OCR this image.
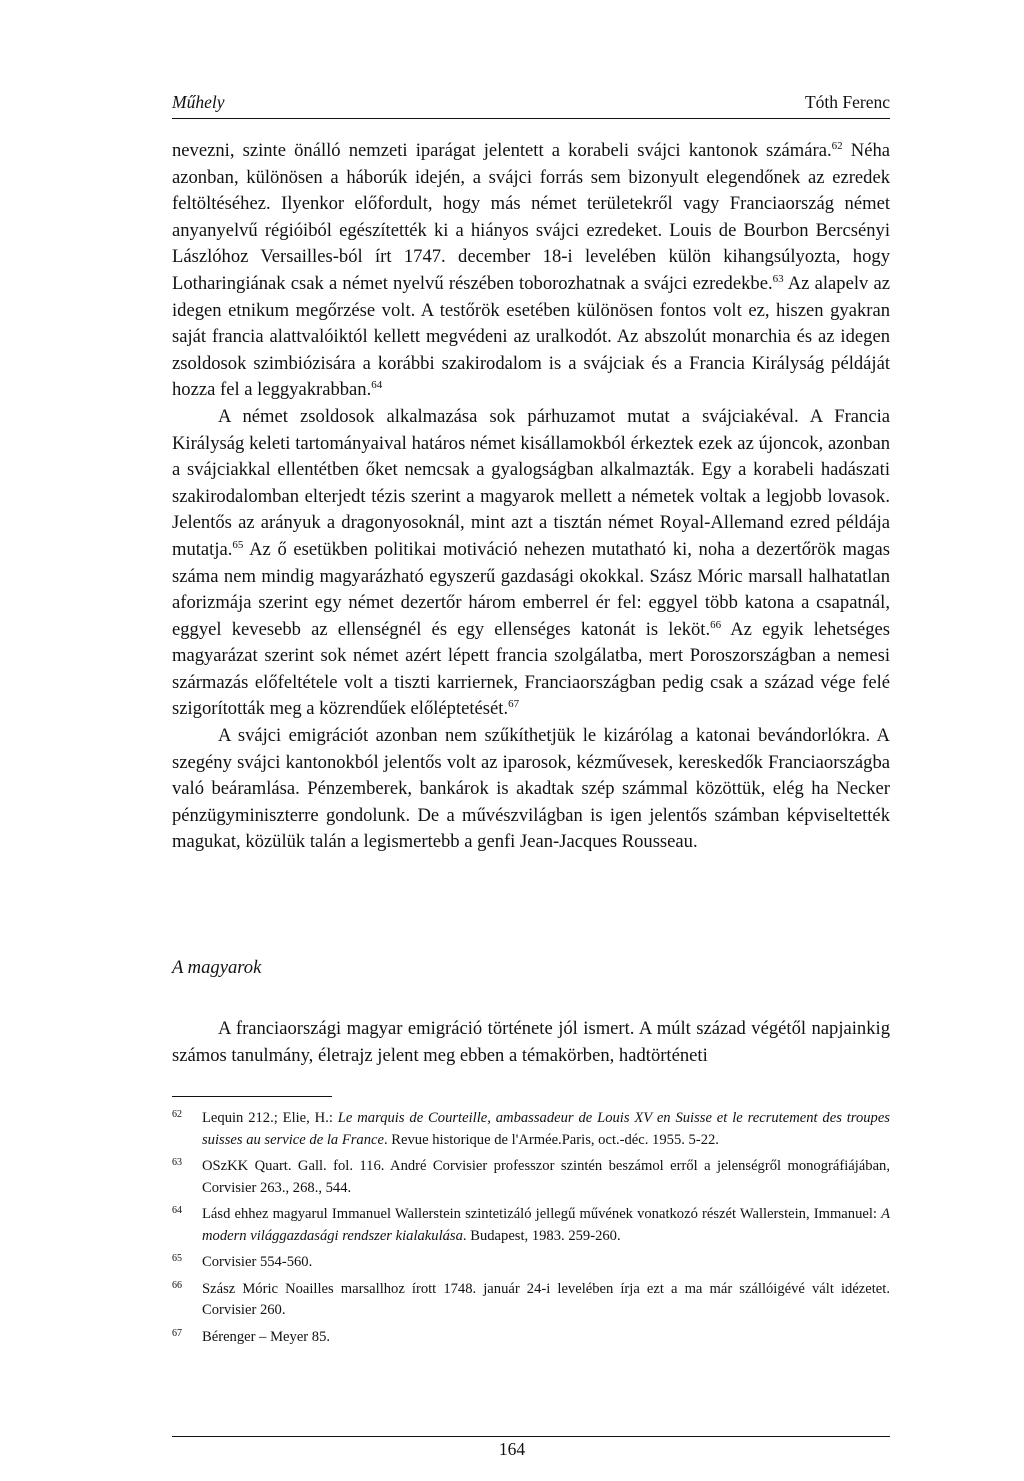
Műhely	Tóth Ferenc

nevezni, szinte önálló nemzeti iparágat jelentett a korabeli svájci kantonok számára.$^{62}$ Néha azonban, különösen a háborúk idején, a svájci forrás sem bizonyult elegendőnek az ezredek feltöltéséhez. Ilyenkor előfordult, hogy más német területekről vagy Franciaország német anyanyelvű régióiból egészítették ki a hiányos svájci ezredeket. Louis de Bourbon Bercsényi Lászlóhoz Versailles-ból írt 1747. december 18-i levelében külön kihangsúlyozta, hogy Lotharingiának csak a német nyelvű részében toborozhatnak a svájci ezredekbe.$^{63}$ Az alapelv az idegen etnikum megőrzése volt. A testőrök esetében különösen fontos volt ez, hiszen gyakran saját francia alattvalóiktól kellett megvédeni az uralkodót. Az abszolút monarchia és az idegen zsoldosok szimbiózisára a korábbi szakirodalom is a svájciak és a Francia Királyság példáját hozza fel a leggyakrabban.$^{64}$

A német zsoldosok alkalmazása sok párhuzamot mutat a svájciakéval. A Francia Királyság keleti tartományaival határos német kisállamokból érkeztek ezek az újoncok, azonban a svájciakkal ellentétben őket nemcsak a gyalogságban alkalmazták. Egy a korabeli hadászati szakirodalomban elterjedt tézis szerint a magyarok mellett a németek voltak a legjobb lovasok. Jelentős az arányuk a dragonyosoknál, mint azt a tisztán német Royal-Allemand ezred példája mutatja.$^{65}$ Az ő esetükben politikai motiváció nehezen mutatható ki, noha a dezertőrök magas száma nem mindig magyarázható egyszerű gazdasági okokkal. Szász Móric marsall halhatatlan aforizmája szerint egy német dezertőr három emberrel ér fel: eggyel több katona a csapatnál, eggyel kevesebb az ellenségnél és egy ellenséges katonát is leköt.$^{66}$ Az egyik lehetséges magyarázat szerint sok német azért lépett francia szolgálatba, mert Poroszországban a nemesi származás előfeltétele volt a tiszti karriernek, Franciaországban pedig csak a század vége felé szigorították meg a közrendűek előléptetését.$^{67}$

A svájci emigrációt azonban nem szűkíthetjük le kizárólag a katonai bevándorlókra. A szegény svájci kantonokból jelentős volt az iparosok, kézművesek, kereskedők Franciaországba való beáramlása. Pénzemberek, bankárok is akadtak szép számmal közöttük, elég ha Necker pénzügyminiszterre gondolunk. De a művészvilágban is igen jelentős számban képviseltették magukat, közülük talán a legismertebb a genfi Jean-Jacques Rousseau.

A magyarok

A franciaországi magyar emigráció története jól ismert. A múlt század végétől napjainkig számos tanulmány, életrajz jelent meg ebben a témakörben, hadtörténeti

62 Lequin 212.; Elie, H.: Le marquis de Courteille, ambassadeur de Louis XV en Suisse et le recrutement des troupes suisses au service de la France. Revue historique de l'Armée.Paris, oct.-déc. 1955. 5-22.
63 OSzKK Quart. Gall. fol. 116. André Corvisier professzor szintén beszámol erről a jelenségről monográfiájában, Corvisier 263., 268., 544.
64 Lásd ehhez magyarul Immanuel Wallerstein szintetizáló jellegű művének vonatkozó részét Wallerstein, Immanuel: A modern világgazdasági rendszer kialakulása. Budapest, 1983. 259-260.
65 Corvisier 554-560.
66 Szász Móric Noailles marsallhoz írott 1748. január 24-i levelében írja ezt a ma már szállóigévé vált idézetet. Corvisier 260.
67 Bérenger – Meyer 85.
164
